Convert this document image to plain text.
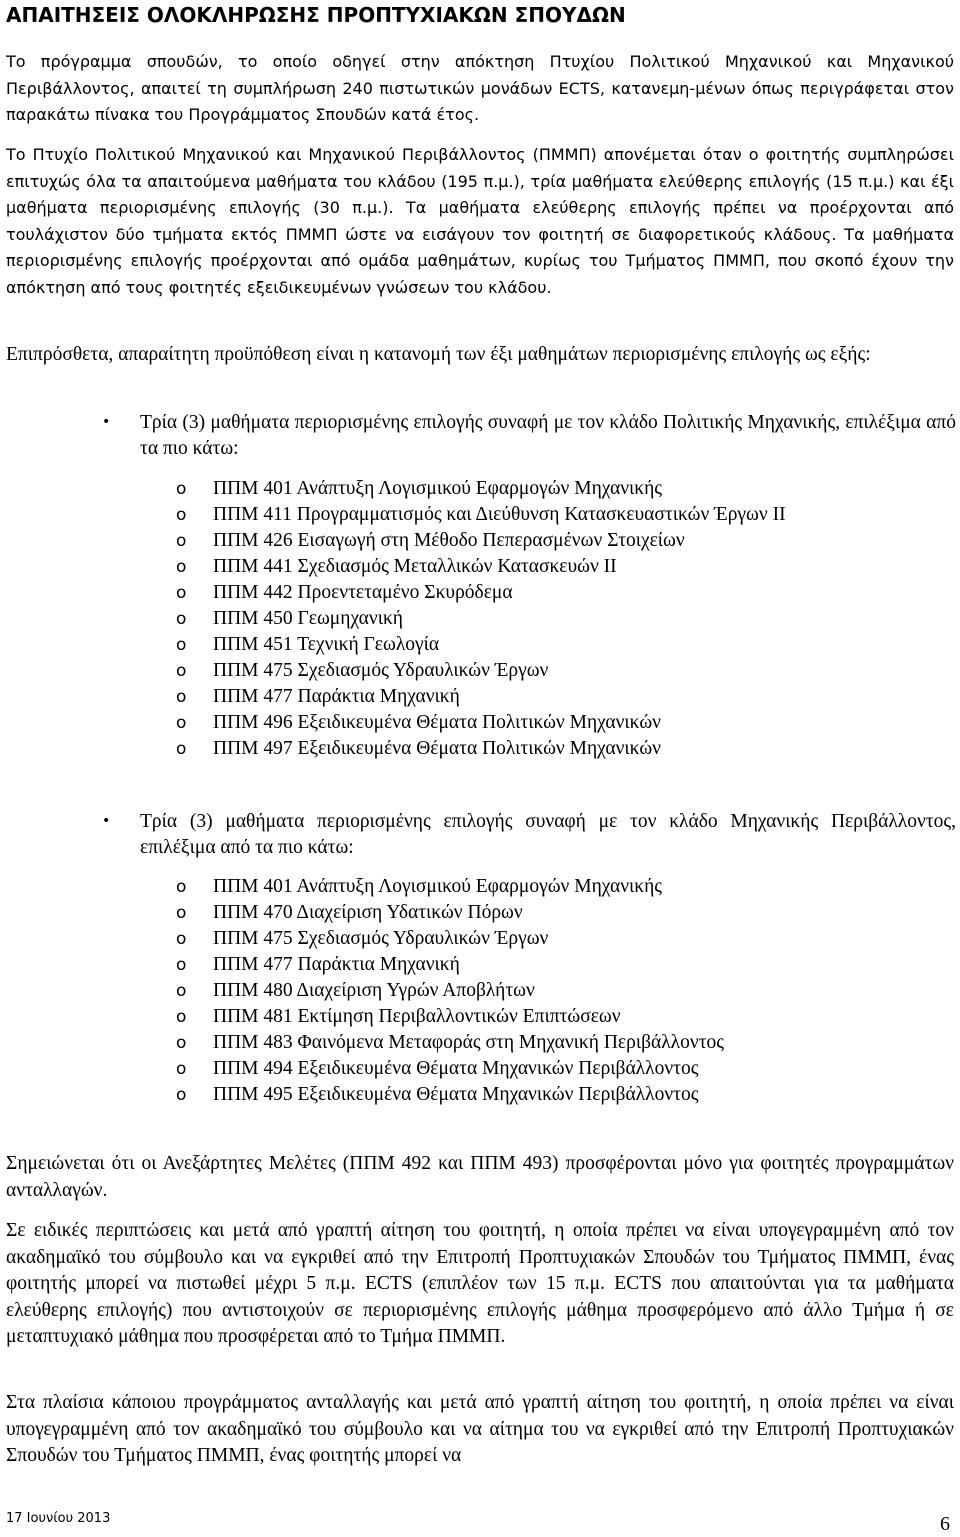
ΑΠΑΙΤΗΣΕΙΣ ΟΛΟΚΛΗΡΩΣΗΣ ΠΡΟΠΤΥΧΙΑΚΩΝ ΣΠΟΥΔΩΝ

Το πρόγραμμα σπουδών, το οποίο οδηγεί στην απόκτηση Πτυχίου Πολιτικού Μηχανικού και Μηχανικού Περιβάλλοντος, απαιτεί τη συμπλήρωση 240 πιστωτικών μονάδων ECTS, κατανεμη-μένων όπως περιγράφεται στον παρακάτω πίνακα του Προγράμματος Σπουδών κατά έτος.

Το Πτυχίο Πολιτικού Μηχανικού και Μηχανικού Περιβάλλοντος (ΠΜΜΠ) απονέμεται όταν ο φοιτητής συμπληρώσει επιτυχώς όλα τα απαιτούμενα μαθήματα του κλάδου (195 π.μ.), τρία μαθήματα ελεύθερης επιλογής (15 π.μ.) και έξι μαθήματα περιορισμένης επιλογής (30 π.μ.). Τα μαθήματα ελεύθερης επιλογής πρέπει να προέρχονται από τουλάχιστον δύο τμήματα εκτός ΠΜΜΠ ώστε να εισάγουν τον φοιτητή σε διαφορετικούς κλάδους. Τα μαθήματα περιορισμένης επιλογής προέρχονται από ομάδα μαθημάτων, κυρίως του Τμήματος ΠΜΜΠ, που σκοπό έχουν την απόκτηση από τους φοιτητές εξειδικευμένων γνώσεων του κλάδου.

Επιπρόσθετα, απαραίτητη προϋπόθεση είναι η κατανομή των έξι μαθημάτων περιορισμένης επιλογής ως εξής:

• Τρία (3) μαθήματα περιορισμένης επιλογής συναφή με τον κλάδο Πολιτικής Μηχανικής, επιλέξιμα από τα πιο κάτω:

o ΠΠΜ 401 Ανάπτυξη Λογισμικού Εφαρμογών Μηχανικής
o ΠΠΜ 411 Προγραμματισμός και Διεύθυνση Κατασκευαστικών Έργων ΙΙ
o ΠΠΜ 426 Εισαγωγή στη Μέθοδο Πεπερασμένων Στοιχείων
o ΠΠΜ 441 Σχεδιασμός Μεταλλικών Κατασκευών ΙΙ
o ΠΠΜ 442 Προεντεταμένο Σκυρόδεμα
o ΠΠΜ 450 Γεωμηχανική
o ΠΠΜ 451 Τεχνική Γεωλογία
o ΠΠΜ 475 Σχεδιασμός Υδραυλικών Έργων
o ΠΠΜ 477 Παράκτια Μηχανική
o ΠΠΜ 496 Εξειδικευμένα Θέματα Πολιτικών Μηχανικών
o ΠΠΜ 497 Εξειδικευμένα Θέματα Πολιτικών Μηχανικών
• Τρία (3) μαθήματα περιορισμένης επιλογής συναφή με τον κλάδο Μηχανικής Περιβάλλοντος, επιλέξιμα από τα πιο κάτω:

o ΠΠΜ 401 Ανάπτυξη Λογισμικού Εφαρμογών Μηχανικής
o ΠΠΜ 470 Διαχείριση Υδατικών Πόρων
o ΠΠΜ 475 Σχεδιασμός Υδραυλικών Έργων
o ΠΠΜ 477 Παράκτια Μηχανική
o ΠΠΜ 480 Διαχείριση Υγρών Αποβλήτων
o ΠΠΜ 481 Εκτίμηση Περιβαλλοντικών Επιπτώσεων
o ΠΠΜ 483 Φαινόμενα Μεταφοράς στη Μηχανική Περιβάλλοντος
o ΠΠΜ 494 Εξειδικευμένα Θέματα Μηχανικών Περιβάλλοντος
o ΠΠΜ 495 Εξειδικευμένα Θέματα Μηχανικών Περιβάλλοντος

Σημειώνεται ότι οι Ανεξάρτητες Μελέτες (ΠΠΜ 492 και ΠΠΜ 493) προσφέρονται μόνο για φοιτητές προγραμμάτων ανταλλαγών.

Σε ειδικές περιπτώσεις και μετά από γραπτή αίτηση του φοιτητή, η οποία πρέπει να είναι υπογεγραμμένη από τον ακαδημαϊκό του σύμβουλο και να εγκριθεί από την Επιτροπή Προπτυχιακών Σπουδών του Τμήματος ΠΜΜΠ, ένας φοιτητής μπορεί να πιστωθεί μέχρι 5 π.μ. ECTS (επιπλέον των 15 π.μ. ECTS που απαιτούνται για τα μαθήματα ελεύθερης επιλογής) που αντιστοιχούν σε περιορισμένης επιλογής μάθημα προσφερόμενο από άλλο Τμήμα ή σε μεταπτυχιακό μάθημα που προσφέρεται από το Τμήμα ΠΜΜΠ.

Στα πλαίσια κάποιου προγράμματος ανταλλαγής και μετά από γραπτή αίτηση του φοιτητή, η οποία πρέπει να είναι υπογεγραμμένη από τον ακαδημαϊκό του σύμβουλο και να αίτημα του να εγκριθεί από την Επιτροπή Προπτυχιακών Σπουδών του Τμήματος ΠΜΜΠ, ένας φοιτητής μπορεί να

17 Ιουνίου 2013	6
